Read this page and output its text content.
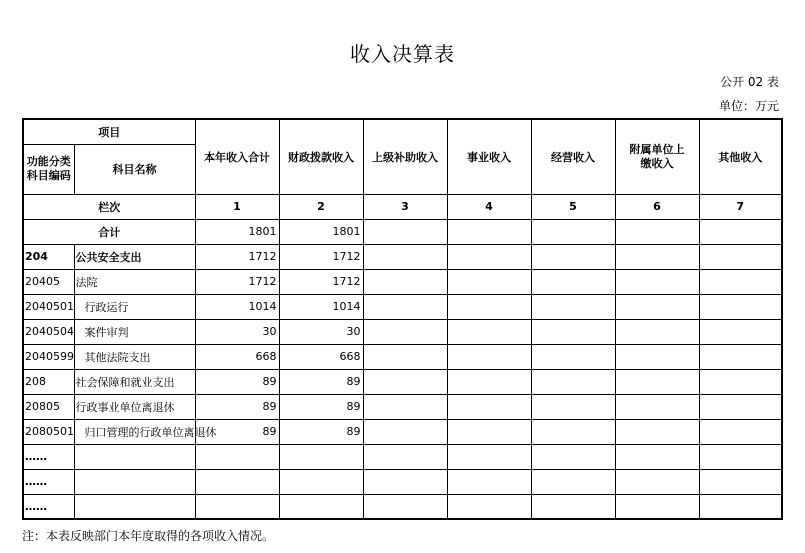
收入决算表
公开 02 表
单位：万元
项目		本年收入合计	财政拨款收入	上级补助收入	事业收入	经营收入	附属单位上缴收入	其他收入
功能分类科目编码	科目名称							
栏次		1	2	3	4	5	6	7
合计		1801	1801					
204	公共安全支出	1712	1712					
20405	法院	1712	1712					
2040501	行政运行	1014	1014					
2040504	案件审判	30	30					
2040599	其他法院支出	668	668					
208	社会保障和就业支出	89	89					
20805	行政事业单位离退休	89	89					
2080501	归口管理的行政单位离退休	89	89					
……								
……								
……								
注：本表反映部门本年度取得的各项收入情况。
